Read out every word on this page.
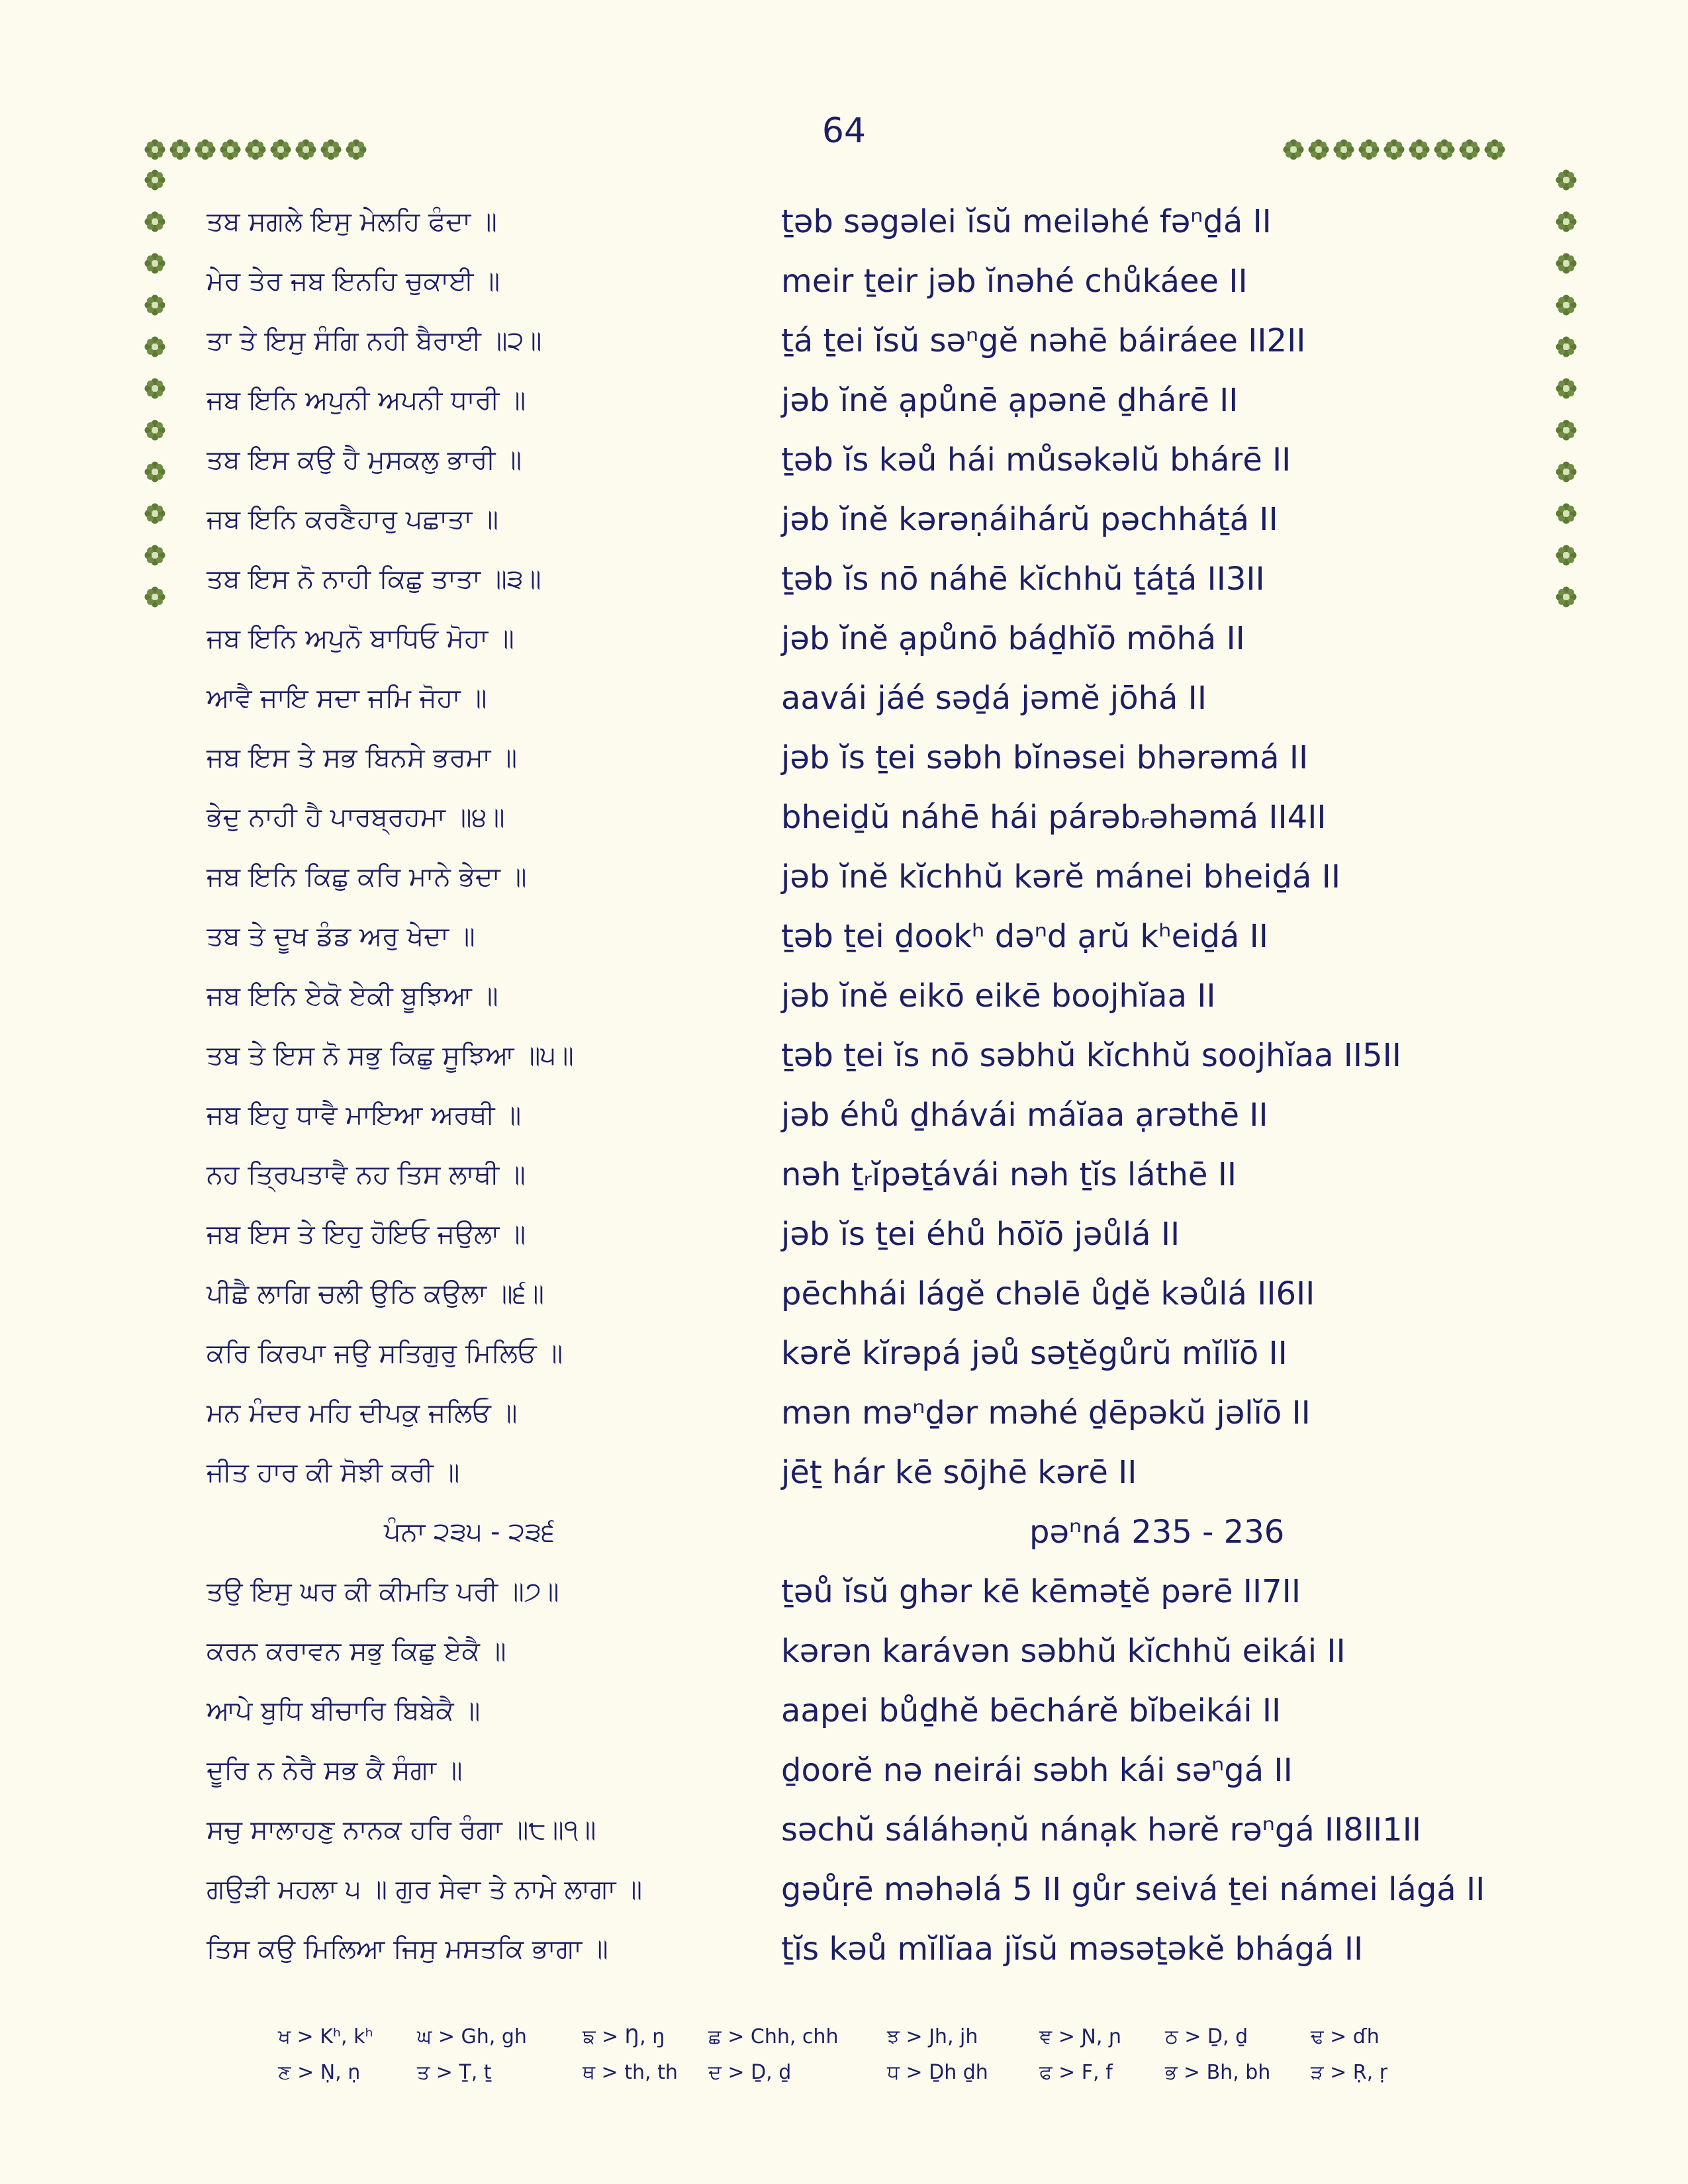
64
ਤਬ ਸਗਲੇ ਇਸੁ ਮੇਲਹਿ ਫੰਦਾ ॥	ṯəb səgəlei ĭsŭ meiləhé fəⁿḏá II
ਮੇਰ ਤੇਰ ਜਬ ਇਨਹਿ ਚੁਕਾਈ ॥	meir ṯeir jəb ĭnəhé chůkáee II
ਤਾ ਤੇ ਇਸੁ ਸੰਗਿ ਨਹੀ ਬੈਰਾਈ ॥੨॥	ṯá ṯei ĭsŭ səⁿgĕ nəhē báiráee II2II
ਜਬ ਇਨਿ ਅਪੁਨੀ ਅਪਨੀ ਧਾਰੀ ॥	jəb ĭnĕ ạpůnē ạpənē ḏhárē II
ਤਬ ਇਸ ਕਉ ਹੈ ਮੁਸਕਲੁ ਭਾਰੀ ॥	ṯəb ĭs kəů hái můsəkəlŭ bhárē II
ਜਬ ਇਨਿ ਕਰਣੈਹਾਰੁ ਪਛਾਤਾ ॥	jəb ĭnĕ kərəṇáihárŭ pəchháṯá II
ਤਬ ਇਸ ਨੋ ਨਾਹੀ ਕਿਛੁ ਤਾਤਾ ॥੩॥	ṯəb ĭs nō náhē kĭchhŭ ṯáṯá II3II
ਜਬ ਇਨਿ ਅਪੁਨੋ ਬਾਧਿਓ ਮੋਹਾ ॥	jəb ĭnĕ ạpůnō báḏhĭō mōhá II
ਆਵੈ ਜਾਇ ਸਦਾ ਜਮਿ ਜੋਹਾ ॥	aavái jáé səḏá jəmĕ jōhá II
ਜਬ ਇਸ ਤੇ ਸਭ ਬਿਨਸੇ ਭਰਮਾ ॥	jəb ĭs ṯei səbh bĭnəsei bhərəmá II
ਭੇਦੁ ਨਾਹੀ ਹੈ ਪਾਰਬ੍ਰਹਮਾ ॥੪॥	bheiḏŭ náhē hái párəbᵣəhəmá II4II
ਜਬ ਇਨਿ ਕਿਛੁ ਕਰਿ ਮਾਨੇ ਭੇਦਾ ॥	jəb ĭnĕ kĭchhŭ kərĕ mánei bheiḏá II
ਤਬ ਤੇ ਦੂਖ ਡੰਡ ਅਰੁ ਖੇਦਾ ॥	ṯəb ṯei ḏookʰ dəⁿd ạrŭ kʰeiḏá II
ਜਬ ਇਨਿ ਏਕੋ ਏਕੀ ਬੂਝਿਆ ॥	jəb ĭnĕ eikō eikē boojhĭaa II
ਤਬ ਤੇ ਇਸ ਨੋ ਸਭੁ ਕਿਛੁ ਸੂਝਿਆ ॥੫॥	ṯəb ṯei ĭs nō səbhŭ kĭchhŭ soojhĭaa II5II
ਜਬ ਇਹੁ ਧਾਵੈ ਮਾਇਆ ਅਰਥੀ ॥	jəb éhů ḏhávái máĭaa ạrəthē II
ਨਹ ਤ੍ਰਿਪਤਾਵੈ ਨਹ ਤਿਸ ਲਾਥੀ ॥	nəh ṯᵣĭpəṯávái nəh ṯĭs láthē II
ਜਬ ਇਸ ਤੇ ਇਹੁ ਹੋਇਓ ਜਉਲਾ ॥	jəb ĭs ṯei éhů hōĭō jəůlá II
ਪੀਛੈ ਲਾਗਿ ਚਲੀ ਉਠਿ ਕਉਲਾ ॥੬॥	pēchhái lágĕ chəlē ůḏĕ kəůlá II6II
ਕਰਿ ਕਿਰਪਾ ਜਉ ਸਤਿਗੁਰੁ ਮਿਲਿਓ ॥	kərĕ kĭrəpá jəů səṯĕgůrŭ mĭlĭō II
ਮਨ ਮੰਦਰ ਮਹਿ ਦੀਪਕੁ ਜਲਿਓ ॥	mən məⁿḏər məhé ḏēpəkŭ jəlĭō II
ਜੀਤ ਹਾਰ ਕੀ ਸੋਝੀ ਕਰੀ ॥	jēṯ hár kē sōjhē kərē II
ਪੰਨਾ ੨੩੫ - ੨੩੬	pəⁿná 235 - 236
ਤਉ ਇਸੁ ਘਰ ਕੀ ਕੀਮਤਿ ਪਰੀ ॥੭॥	ṯəů ĭsŭ ghər kē kēməṯĕ pərē II7II
ਕਰਨ ਕਰਾਵਨ ਸਭੁ ਕਿਛੁ ਏਕੈ ॥	kərən karávən səbhŭ kĭchhŭ eikái II
ਆਪੇ ਬੁਧਿ ਬੀਚਾਰਿ ਬਿਬੇਕੈ ॥	aapei bůḏhĕ bēchárĕ bĭbeikái II
ਦੂਰਿ ਨ ਨੇਰੈ ਸਭ ਕੈ ਸੰਗਾ ॥	ḏoorĕ nə neirái səbh kái səⁿgá II
ਸਚੁ ਸਾਲਾਹਣੁ ਨਾਨਕ ਹਰਿ ਰੰਗਾ ॥੮॥੧॥	səchŭ sáláhəṇŭ nánạk hərĕ rəⁿgá II8II1II
ਗਉੜੀ ਮਹਲਾ ੫ ॥ ਗੁਰ ਸੇਵਾ ਤੇ ਨਾਮੇ ਲਾਗਾ ॥	gəůṛē məhəlá 5 II gůr seivá ṯei námei lágá II
ਤਿਸ ਕਉ ਮਿਲਿਆ ਜਿਸੁ ਮਸਤਕਿ ਭਾਗਾ ॥	ṯĭs kəů mĭlĭaa jĭsŭ məsəṯəkĕ bhágá II
ਖ > Kʰ, kʰ ਘ > Gh, gh	ਙ > Ŋ, ŋ ਛ > Chh, chh ਝ > Jh, jh	ਞ > Ɲ, ɲ ਠ > Ḏ, ḏ	ਢ > ɗh
ਣ > Ṇ, ṇ	ਤ > Ṯ, ṯ	ਥ > th, th ਦ > Ḏ, ḏ	ਧ > Ḏh ḏh	ਫ > F, f	ਭ > Bh, bh ੜ > Ṛ, ṛ
